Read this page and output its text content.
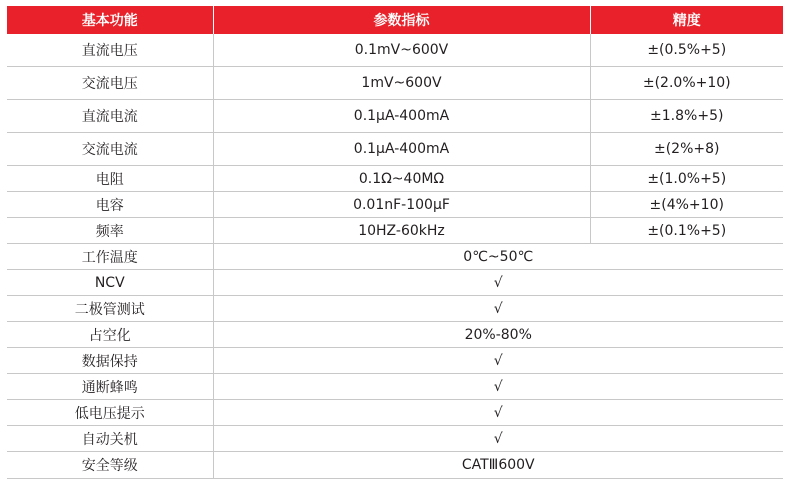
基本功能	参数指标	精度
直流电压	0.1mV~600V	±(0.5%+5)
交流电压	1mV~600V	±(2.0%+10)
直流电流	0.1μA-400mA	±1.8%+5)
交流电流	0.1μA-400mA	±(2%+8)
电阻	0.1Ω~40MΩ	±(1.0%+5)
电容	0.01nF-100μF	±(4%+10)
频率	10HZ-60kHz	±(0.1%+5)
工作温度	0℃~50℃	
NCV	√	
二极管测试	√	
占空化	20%-80%	
数据保持	√	
通断蜂鸣	√	
低电压提示	√	
自动关机	√	
安全等级	CATⅢ600V	
